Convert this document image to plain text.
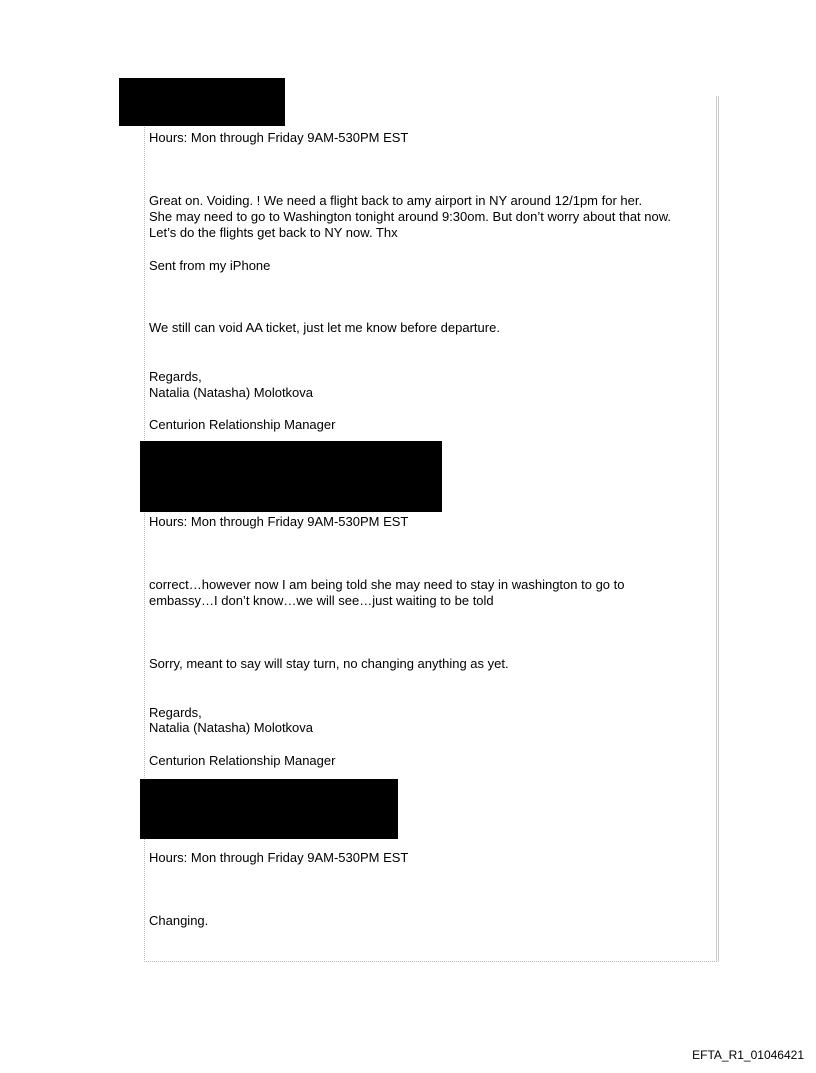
Hours: Mon through Friday 9AM-530PM EST

Great on. Voiding. ! We need a flight back to amy airport in NY around 12/1pm for her.

She may need to go to Washington tonight around 9:30om. But don’t worry about that now.

Let’s do the flights get back to NY now. Thx

Sent from my iPhone

We still can void AA ticket, just let me know before departure.

Regards,

Natalia (Natasha) Molotkova

Centurion Relationship Manager

Hours: Mon through Friday 9AM-530PM EST

correct…however now I am being told she may need to stay in washington to go to

embassy…I don’t know…we will see…just waiting to be told

Sorry, meant to say will stay turn, no changing anything as yet.

Regards,

Natalia (Natasha) Molotkova

Centurion Relationship Manager

Hours: Mon through Friday 9AM-530PM EST

Changing.

EFTA_R1_01046421
